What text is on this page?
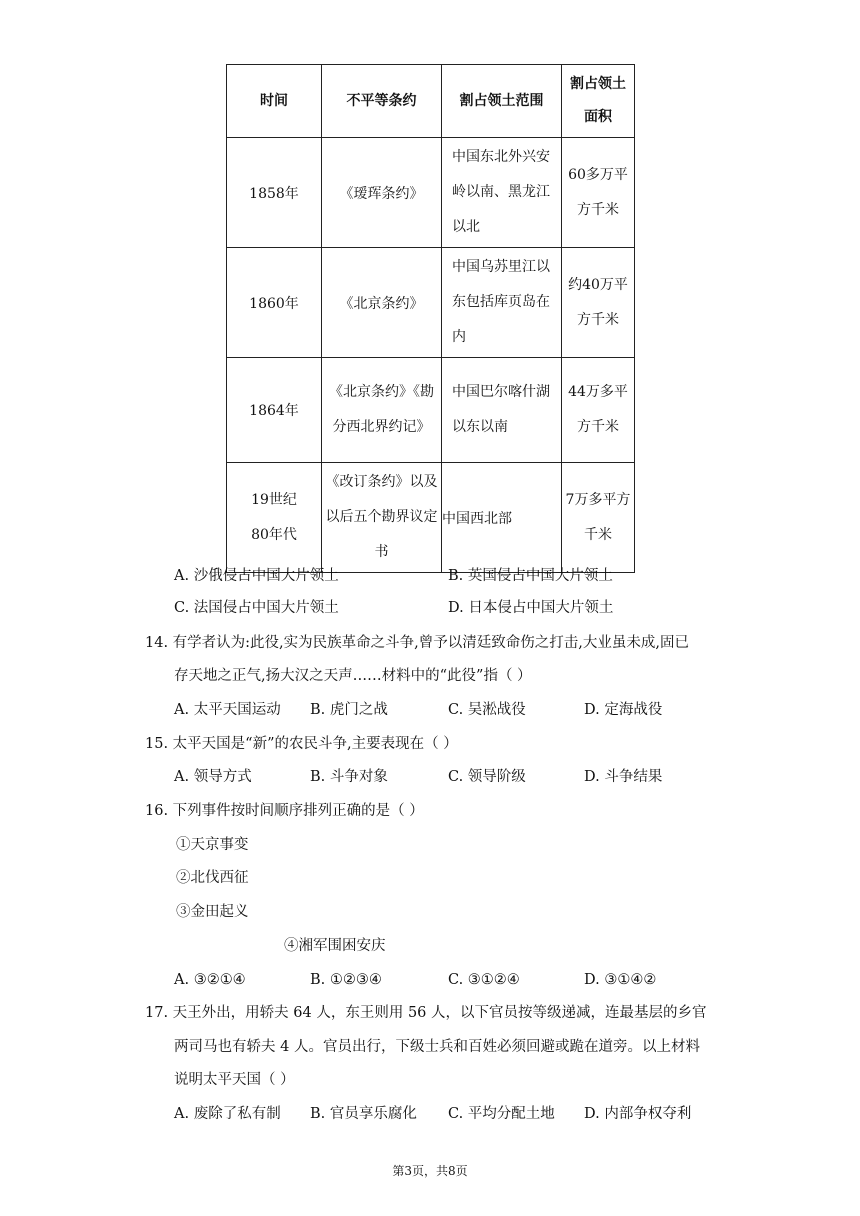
时间	不平等条约	割占领土范围	割占领土面积

1858年	《瑷珲条约》	中国东北外兴安岭以南、黑龙江以北	60多万平方千米

1860年	《北京条约》	中国乌苏里江以东包括库页岛在内	约40万平方千米

1864年	《北京条约》《勘分西北界约记》	中国巴尔喀什湖以东以南	44万多平方千米

19世纪80年代	《改订条约》以及以后五个勘界议定书	中国西北部	7万多平方千米
A. 沙俄侵占中国大片领土	B. 英国侵占中国大片领土
C. 法国侵占中国大片领土	D. 日本侵占中国大片领土
14. 有学者认为:此役,实为民族革命之斗争,曾予以清廷致命伤之打击,大业虽未成,固已
存天地之正气,扬大汉之天声‥‥‥材料中的“此役”指（ ）
A. 太平天国运动 B. 虎门之战	C. 吴淞战役	D. 定海战役
15. 太平天国是“新”的农民斗争,主要表现在（ ）
A. 领导方式	B. 斗争对象	C. 领导阶级	D. 斗争结果
16. 下列事件按时间顺序排列正确的是（ ）
①天京事变
②北伐西征
③金田起义
④湘军围困安庆
A. ③②①④	B. ①②③④	C. ③①②④	D. ③①④②
17. 天王外出，用轿夫 64 人，东王则用 56 人，以下官员按等级递减，连最基层的乡官
两司马也有轿夫 4 人。官员出行，下级士兵和百姓必须回避或跪在道旁。以上材料
说明太平天国（ ）
A. 废除了私有制 B. 官员享乐腐化 C. 平均分配土地 D. 内部争权夺利
第3页，共8页
